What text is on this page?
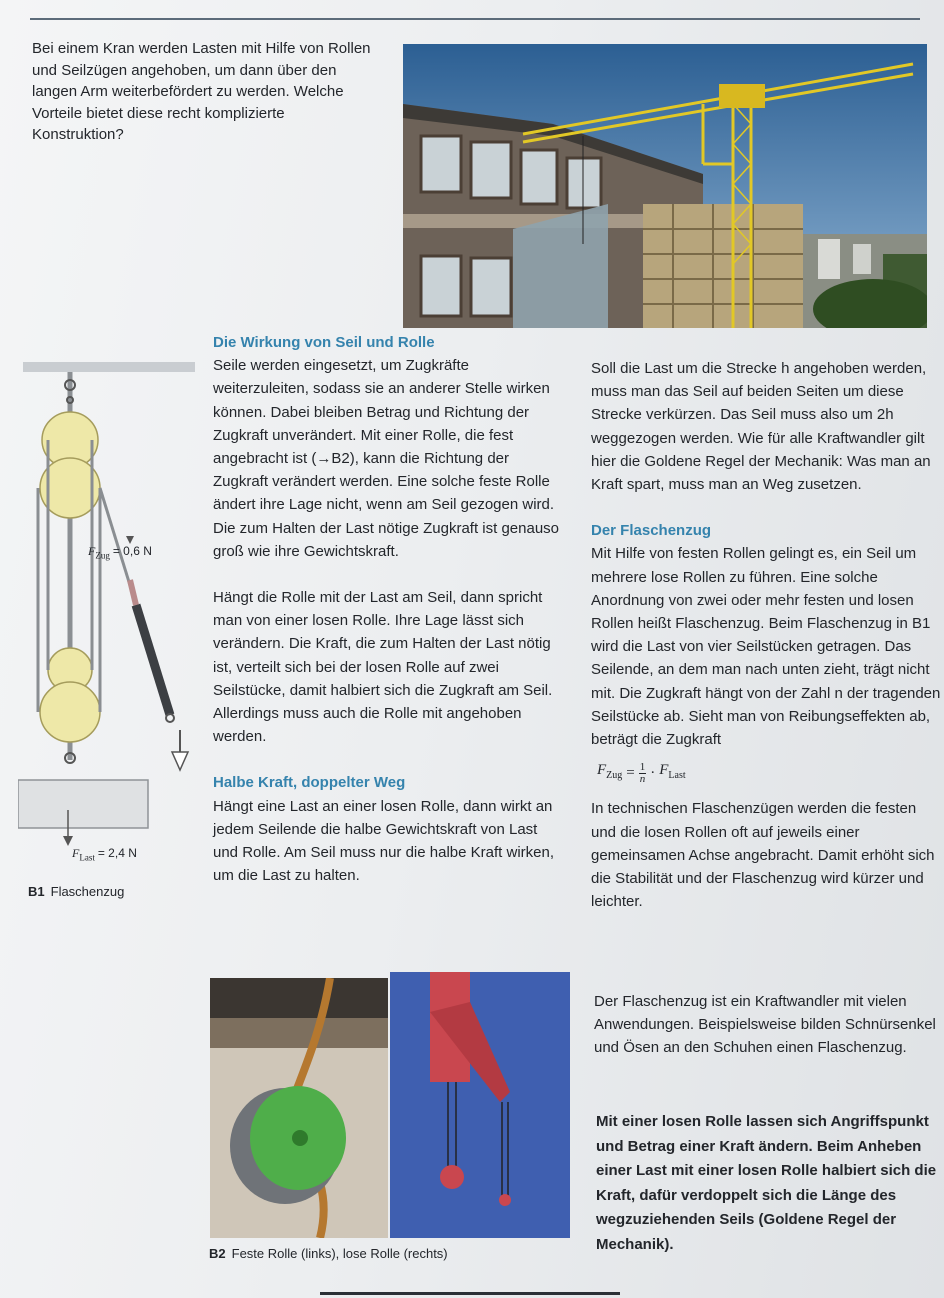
Bei einem Kran werden Lasten mit Hilfe von Rollen und Seilzügen angehoben, um dann über den langen Arm weiterbefördert zu werden. Welche Vorteile bietet diese recht komplizierte Konstruktion?

$F_{Zug} = 0,6$ N
$F_{Last} = 2,4$ N
B1 Flaschenzug

Die Wirkung von Seil und Rolle

Seile werden eingesetzt, um Zugkräfte weiterzuleiten, sodass sie an anderer Stelle wirken können. Dabei bleiben Betrag und Richtung der Zugkraft unverändert. Mit einer Rolle, die fest angebracht ist (→B2), kann die Richtung der Zugkraft verändert werden. Eine solche feste Rolle ändert ihre Lage nicht, wenn am Seil gezogen wird. Die zum Halten der Last nötige Zugkraft ist genauso groß wie ihre Gewichtskraft.

Hängt die Rolle mit der Last am Seil, dann spricht man von einer losen Rolle. Ihre Lage lässt sich verändern. Die Kraft, die zum Halten der Last nötig ist, verteilt sich bei der losen Rolle auf zwei Seilstücke, damit halbiert sich die Zugkraft am Seil. Allerdings muss auch die Rolle mit angehoben werden.

Halbe Kraft, doppelter Weg

Hängt eine Last an einer losen Rolle, dann wirkt an jedem Seilende die halbe Gewichtskraft von Last und Rolle. Am Seil muss nur die halbe Kraft wirken, um die Last zu halten.

Soll die Last um die Strecke h angehoben werden, muss man das Seil auf beiden Seiten um diese Strecke verkürzen. Das Seil muss also um 2h weggezogen werden. Wie für alle Kraftwandler gilt hier die Goldene Regel der Mechanik: Was man an Kraft spart, muss man an Weg zusetzen.

Der Flaschenzug

Mit Hilfe von festen Rollen gelingt es, ein Seil um mehrere lose Rollen zu führen. Eine solche Anordnung von zwei oder mehr festen und losen Rollen heißt Flaschenzug. Beim Flaschenzug in B1 wird die Last von vier Seilstücken getragen. Das Seilende, an dem man nach unten zieht, trägt nicht mit. Die Zugkraft hängt von der Zahl n der tragenden Seilstücke ab. Sieht man von Reibungseffekten ab, beträgt die Zugkraft

$F_{Zug} = \frac{1}{n} \cdot F_{Last}$

In technischen Flaschenzügen werden die festen und die losen Rollen oft auf jeweils einer gemeinsamen Achse angebracht. Damit erhöht sich die Stabilität und der Flaschenzug wird kürzer und leichter.

Der Flaschenzug ist ein Kraftwandler mit vielen Anwendungen. Beispielsweise bilden Schnürsenkel und Ösen an den Schuhen einen Flaschenzug.

Mit einer losen Rolle lassen sich Angriffspunkt und Betrag einer Kraft ändern. Beim Anheben einer Last mit einer losen Rolle halbiert sich die Kraft, dafür verdoppelt sich die Länge des wegzuziehenden Seils (Goldene Regel der Mechanik).

B2 Feste Rolle (links), lose Rolle (rechts)
